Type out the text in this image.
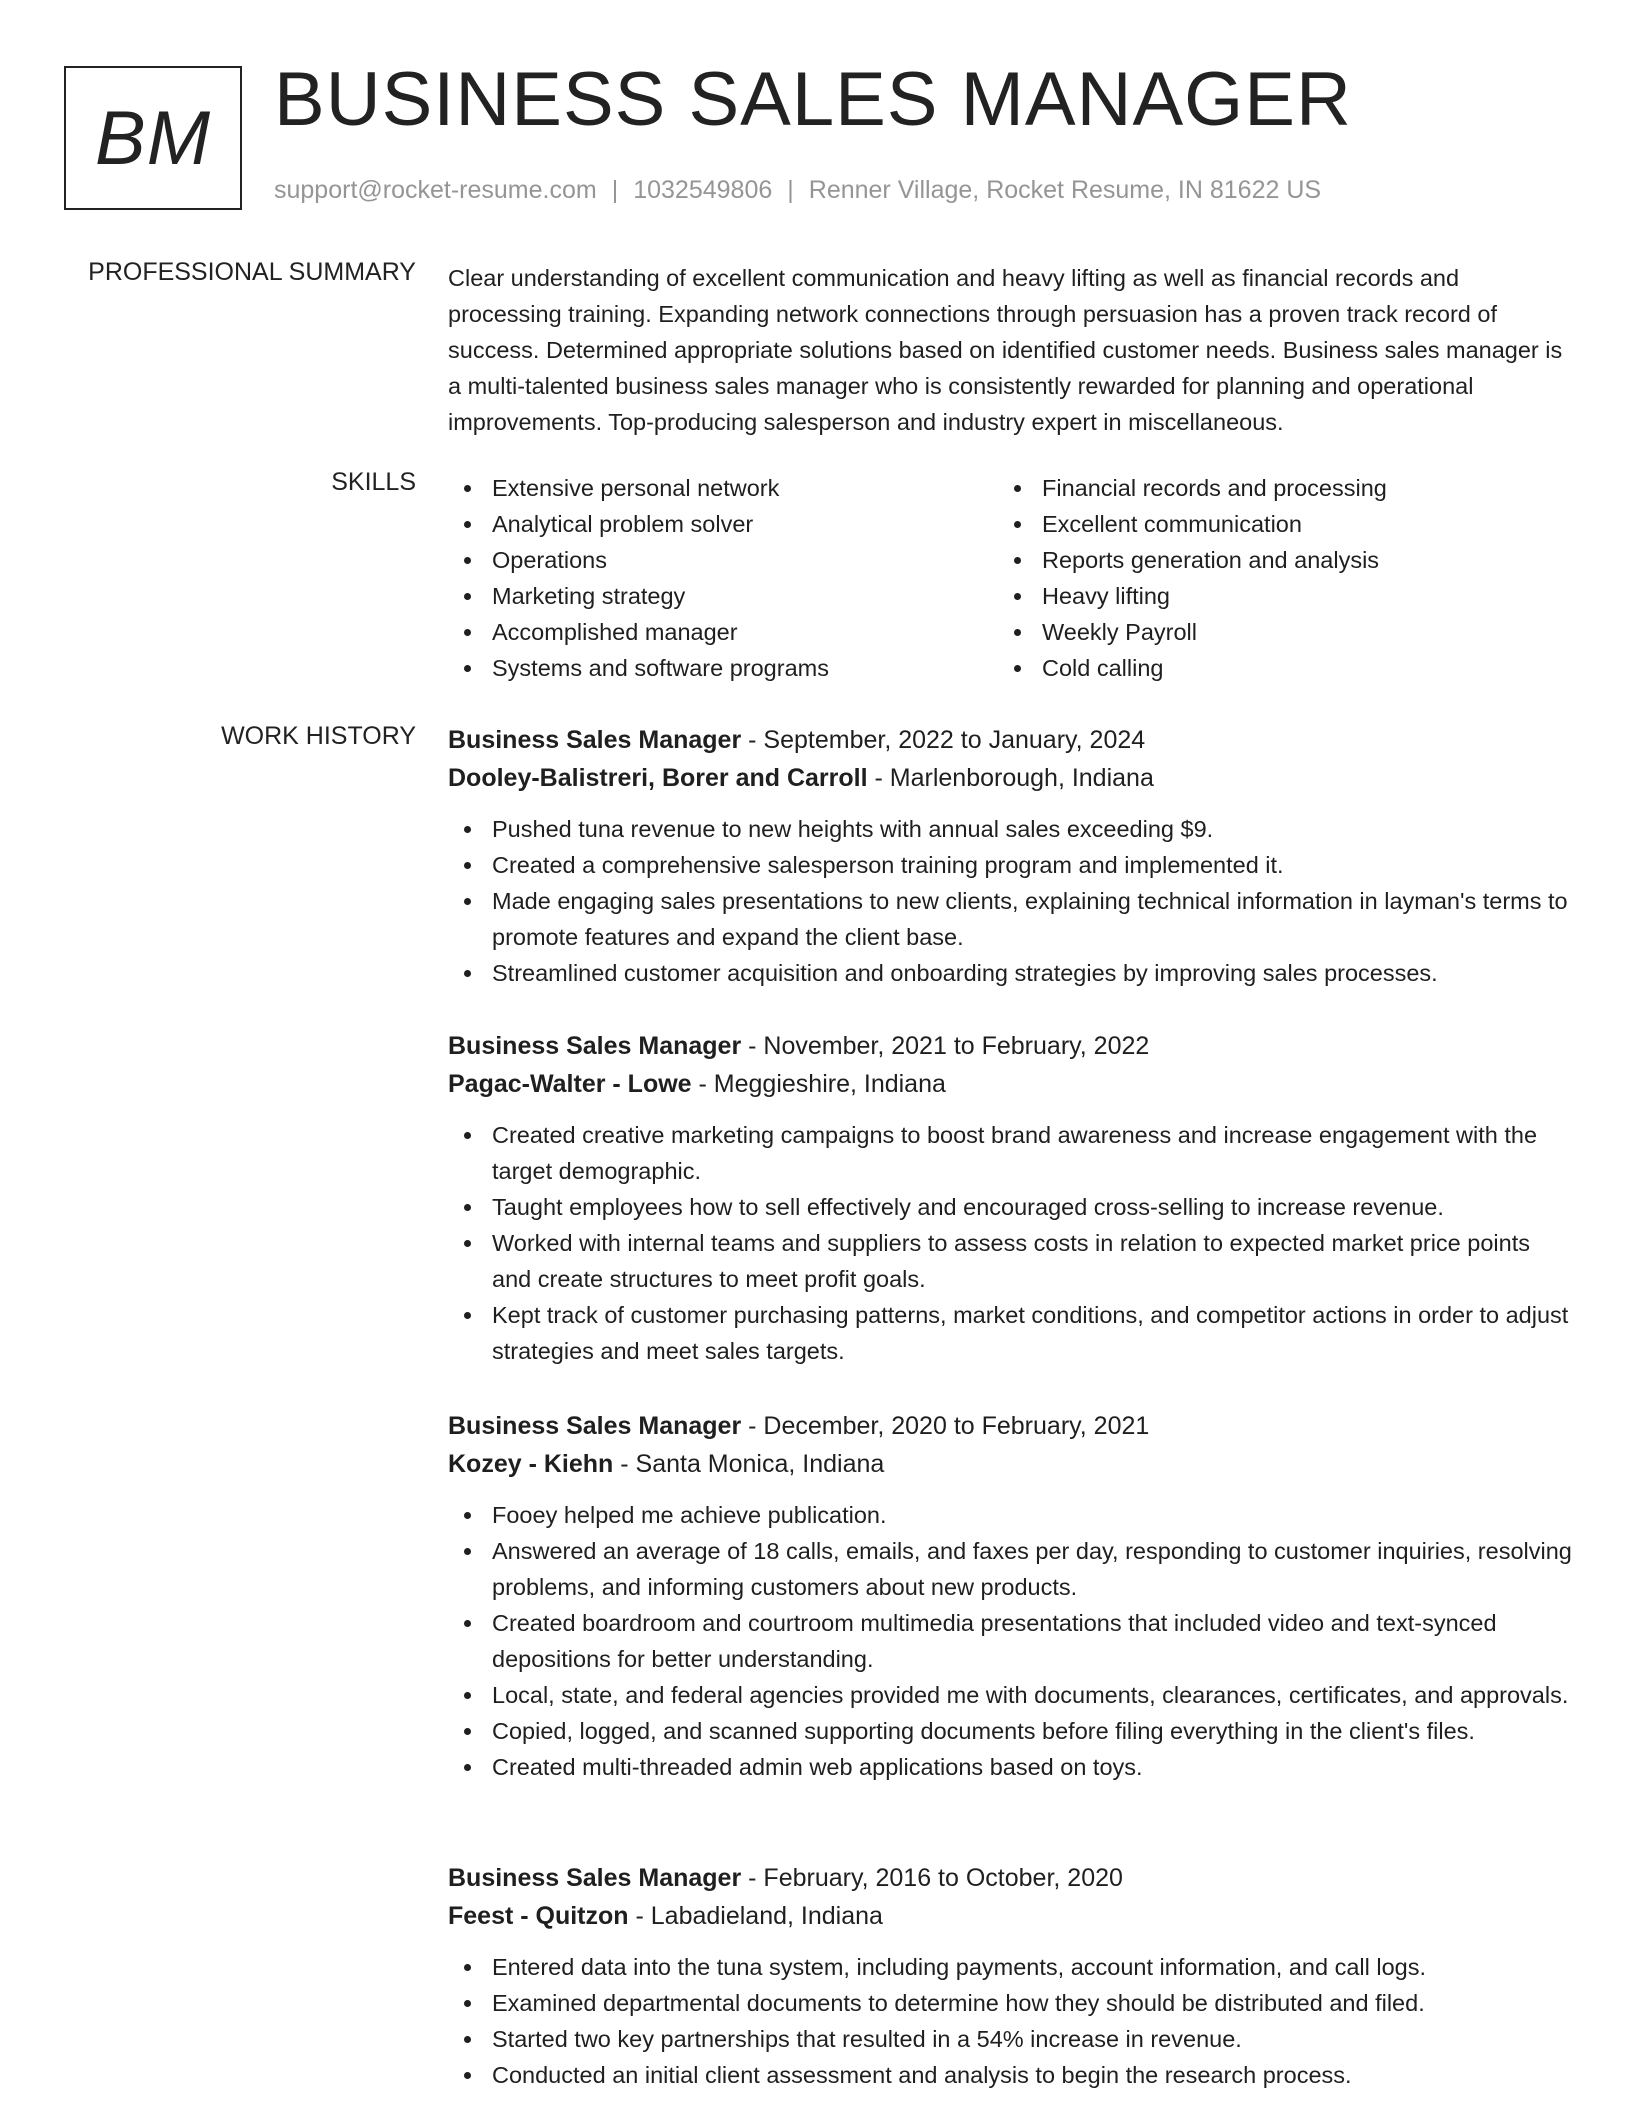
BM BUSINESS SALES MANAGER
support@rocket-resume.com | 1032549806 | Renner Village, Rocket Resume, IN 81622 US
PROFESSIONAL SUMMARY Clear understanding of excellent communication and heavy lifting as well as financial records and processing training. Expanding network connections through persuasion has a proven track record of success. Determined appropriate solutions based on identified customer needs. Business sales manager is a multi-talented business sales manager who is consistently rewarded for planning and operational improvements. Top-producing salesperson and industry expert in miscellaneous.

SKILLS	Extensive personal network
Analytical problem solver
Operations
Marketing strategy
Accomplished manager
Systems and software programs
Financial records and processing
Excellent communication
Reports generation and analysis
Heavy lifting
Weekly Payroll
Cold calling
WORK HISTORY Business Sales Manager - September, 2022 to January, 2024
Dooley-Balistreri, Borer and Carroll - Marlenborough, Indiana
Pushed tuna revenue to new heights with annual sales exceeding $9.
Created a comprehensive salesperson training program and implemented it.
Made engaging sales presentations to new clients, explaining technical information in layman's terms to promote features and expand the client base.
Streamlined customer acquisition and onboarding strategies by improving sales processes.
Business Sales Manager - November, 2021 to February, 2022
Pagac-Walter - Lowe - Meggieshire, Indiana
Created creative marketing campaigns to boost brand awareness and increase engagement with the target demographic.
Taught employees how to sell effectively and encouraged cross-selling to increase revenue.
Worked with internal teams and suppliers to assess costs in relation to expected market price points and create structures to meet profit goals.
Kept track of customer purchasing patterns, market conditions, and competitor actions in order to adjust strategies and meet sales targets.
Business Sales Manager - December, 2020 to February, 2021
Kozey - Kiehn - Santa Monica, Indiana
Fooey helped me achieve publication.
Answered an average of 18 calls, emails, and faxes per day, responding to customer inquiries, resolving problems, and informing customers about new products.
Created boardroom and courtroom multimedia presentations that included video and text-synced depositions for better understanding.
Local, state, and federal agencies provided me with documents, clearances, certificates, and approvals.
Copied, logged, and scanned supporting documents before filing everything in the client's files.
Created multi-threaded admin web applications based on toys.
Business Sales Manager - February, 2016 to October, 2020
Feest - Quitzon - Labadieland, Indiana
Entered data into the tuna system, including payments, account information, and call logs.
Examined departmental documents to determine how they should be distributed and filed.
Started two key partnerships that resulted in a 54% increase in revenue.
Conducted an initial client assessment and analysis to begin the research process.
